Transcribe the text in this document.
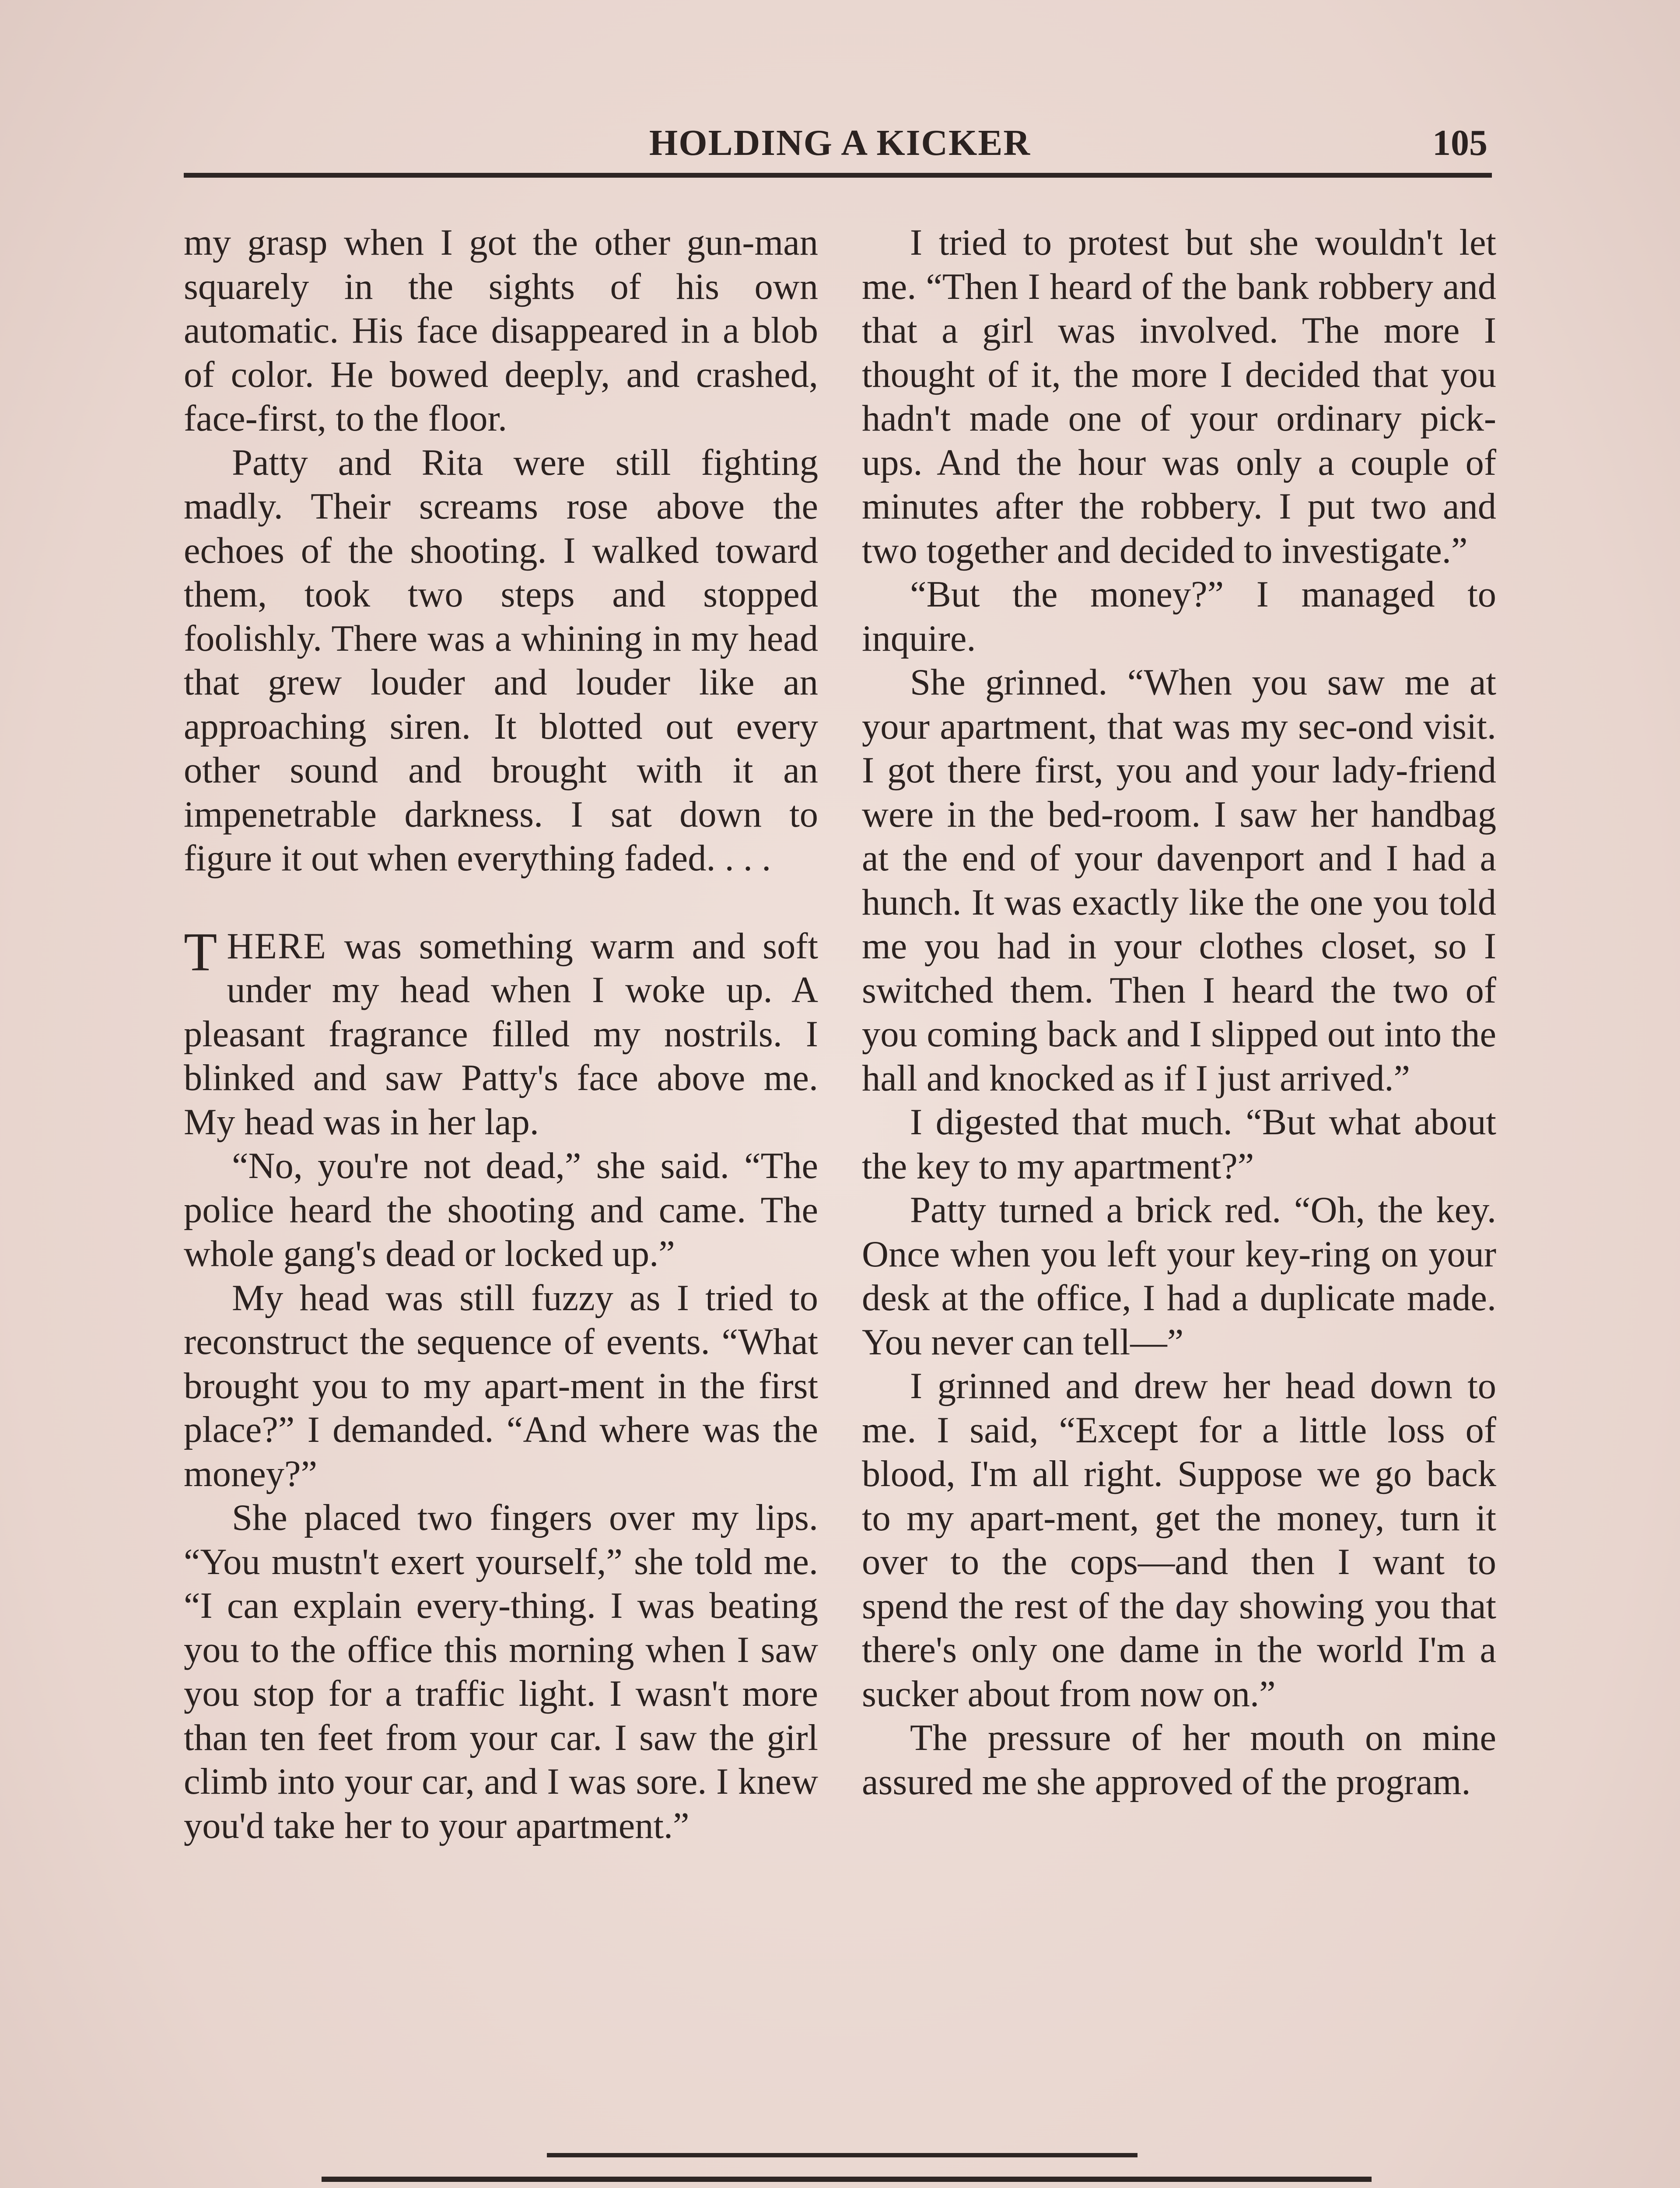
HOLDING A KICKER	105

my grasp when I got the other gun-man squarely in the sights of his own automatic. His face disappeared in a blob of color. He bowed deeply, and crashed, face-first, to the floor.

Patty and Rita were still fighting madly. Their screams rose above the echoes of the shooting. I walked toward them, took two steps and stopped foolishly. There was a whining in my head that grew louder and louder like an approaching siren. It blotted out every other sound and brought with it an impenetrable darkness. I sat down to figure it out when everything faded. . . .

T HERE was something warm and soft under my head when I woke up. A pleasant fragrance filled my nostrils. I blinked and saw Patty's face above me. My head was in her lap.

“No, you're not dead,” she said. “The police heard the shooting and came. The whole gang's dead or locked up.”

My head was still fuzzy as I tried to reconstruct the sequence of events. “What brought you to my apart-ment in the first place?” I demanded. “And where was the money?”

She placed two fingers over my lips. “You mustn't exert yourself,” she told me. “I can explain every-thing. I was beating you to the office this morning when I saw you stop for a traffic light. I wasn't more than ten feet from your car. I saw the girl climb into your car, and I was sore. I knew you'd take her to your apartment.”

I tried to protest but she wouldn't let me. “Then I heard of the bank robbery and that a girl was involved. The more I thought of it, the more I decided that you hadn't made one of your ordinary pick-ups. And the hour was only a couple of minutes after the robbery. I put two and two together and decided to investigate.”

“But the money?” I managed to inquire.

She grinned. “When you saw me at your apartment, that was my sec-ond visit. I got there first, you and your lady-friend were in the bed-room. I saw her handbag at the end of your davenport and I had a hunch. It was exactly like the one you told me you had in your clothes closet, so I switched them. Then I heard the two of you coming back and I slipped out into the hall and knocked as if I just arrived.”

I digested that much. “But what about the key to my apartment?”

Patty turned a brick red. “Oh, the key. Once when you left your key-ring on your desk at the office, I had a duplicate made. You never can tell—”

I grinned and drew her head down to me. I said, “Except for a little loss of blood, I'm all right. Suppose we go back to my apart-ment, get the money, turn it over to the cops—and then I want to spend the rest of the day showing you that there's only one dame in the world I'm a sucker about from now on.”

The pressure of her mouth on mine assured me she approved of the program.
